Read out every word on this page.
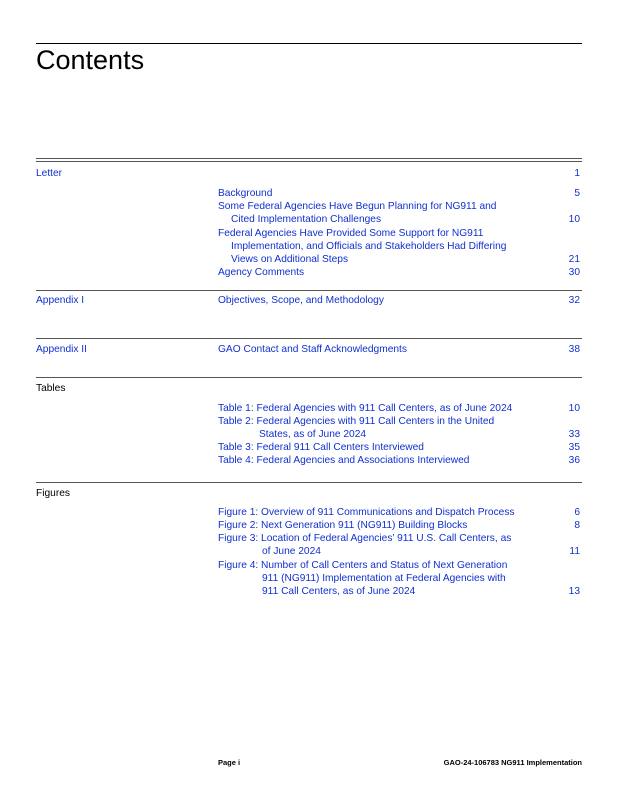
Contents
Letter	1
Background	5
Some Federal Agencies Have Begun Planning for NG911 and
Cited Implementation Challenges	10
Federal Agencies Have Provided Some Support for NG911
Implementation, and Officials and Stakeholders Had Differing
Views on Additional Steps	21
Agency Comments	30
Appendix I	Objectives, Scope, and Methodology	32
Appendix II	GAO Contact and Staff Acknowledgments	38
Tables
Table 1: Federal Agencies with 911 Call Centers, as of June 2024	10
Table 2: Federal Agencies with 911 Call Centers in the United
States, as of June 2024	33
Table 3: Federal 911 Call Centers Interviewed	35
Table 4: Federal Agencies and Associations Interviewed	36
Figures
Figure 1: Overview of 911 Communications and Dispatch Process	6
Figure 2: Next Generation 911 (NG911) Building Blocks	8
Figure 3: Location of Federal Agencies’ 911 U.S. Call Centers, as
of June 2024	11
Figure 4: Number of Call Centers and Status of Next Generation
911 (NG911) Implementation at Federal Agencies with
911 Call Centers, as of June 2024	13
Page i	GAO-24-106783 NG911 Implementation
